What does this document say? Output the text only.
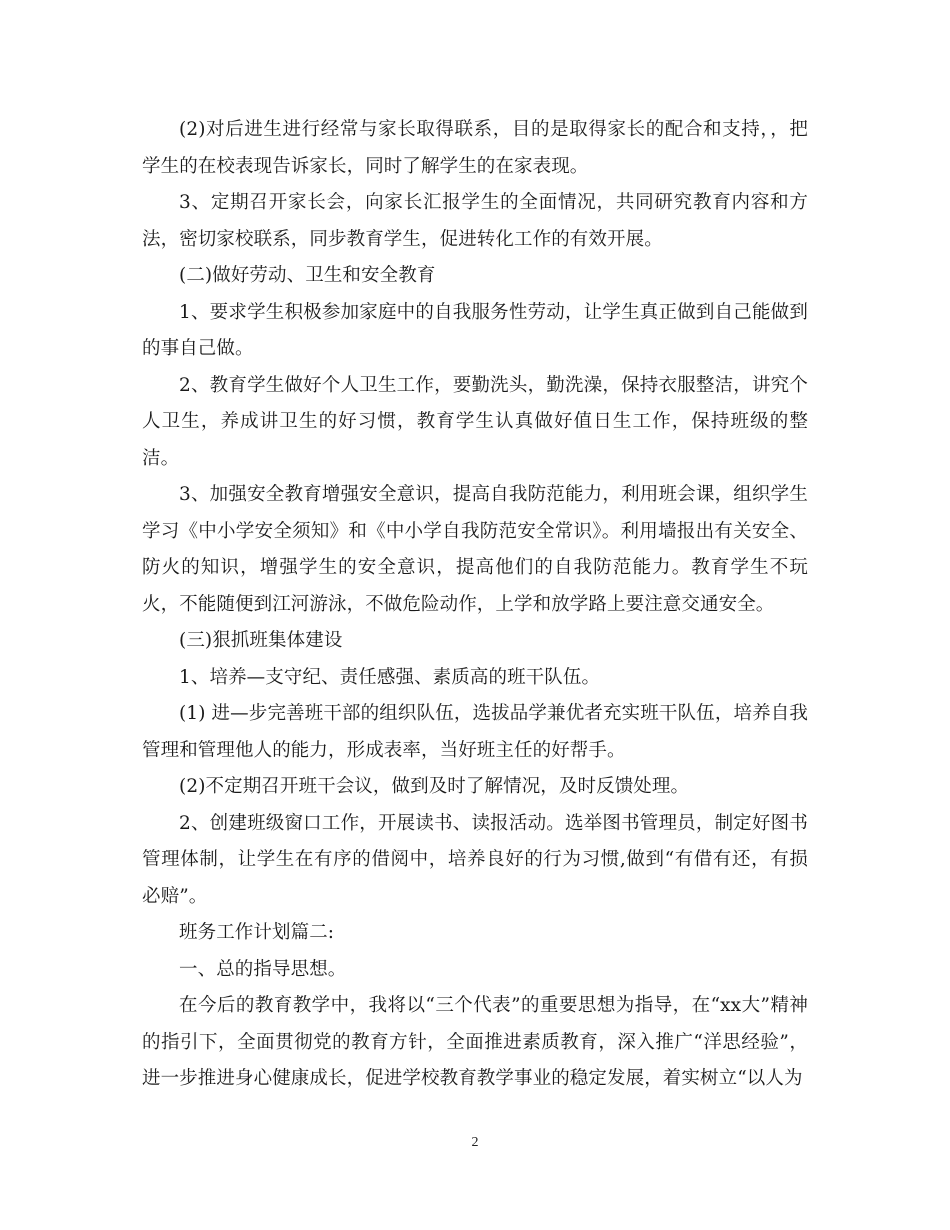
(2)对后进生进行经常与家长取得联系，目的是取得家长的配合和支持，，把学生的在校表现告诉家长，同时了解学生的在家表现。

3、定期召开家长会，向家长汇报学生的全面情况，共同研究教育内容和方法，密切家校联系，同步教育学生，促进转化工作的有效开展。

(二)做好劳动、卫生和安全教育

1、要求学生积极参加家庭中的自我服务性劳动，让学生真正做到自己能做到的事自己做。

2、教育学生做好个人卫生工作，要勤洗头，勤洗澡，保持衣服整洁，讲究个人卫生，养成讲卫生的好习惯，教育学生认真做好值日生工作，保持班级的整洁。

3、加强安全教育增强安全意识，提高自我防范能力，利用班会课，组织学生学习《中小学安全须知》和《中小学自我防范安全常识》。利用墙报出有关安全、防火的知识，增强学生的安全意识，提高他们的自我防范能力。教育学生不玩火，不能随便到江河游泳，不做危险动作，上学和放学路上要注意交通安全。

(三)狠抓班集体建设

1、培养—支守纪、责任感强、素质高的班干队伍。

(1) 进—步完善班干部的组织队伍，选拔品学兼优者充实班干队伍，培养自我管理和管理他人的能力，形成表率，当好班主任的好帮手。

(2)不定期召开班干会议，做到及时了解情况，及时反馈处理。

2、创建班级窗口工作，开展读书、读报活动。选举图书管理员，制定好图书管理体制，让学生在有序的借阅中，培养良好的行为习惯,做到“有借有还，有损必赔”。

班务工作计划篇二:

一、总的指导思想。

在今后的教育教学中，我将以“三个代表”的重要思想为指导，在“xx大”精神的指引下，全面贯彻党的教育方针，全面推进素质教育，深入推广“洋思经验”，进一步推进身心健康成长，促进学校教育教学事业的稳定发展，着实树立“以人为

2
